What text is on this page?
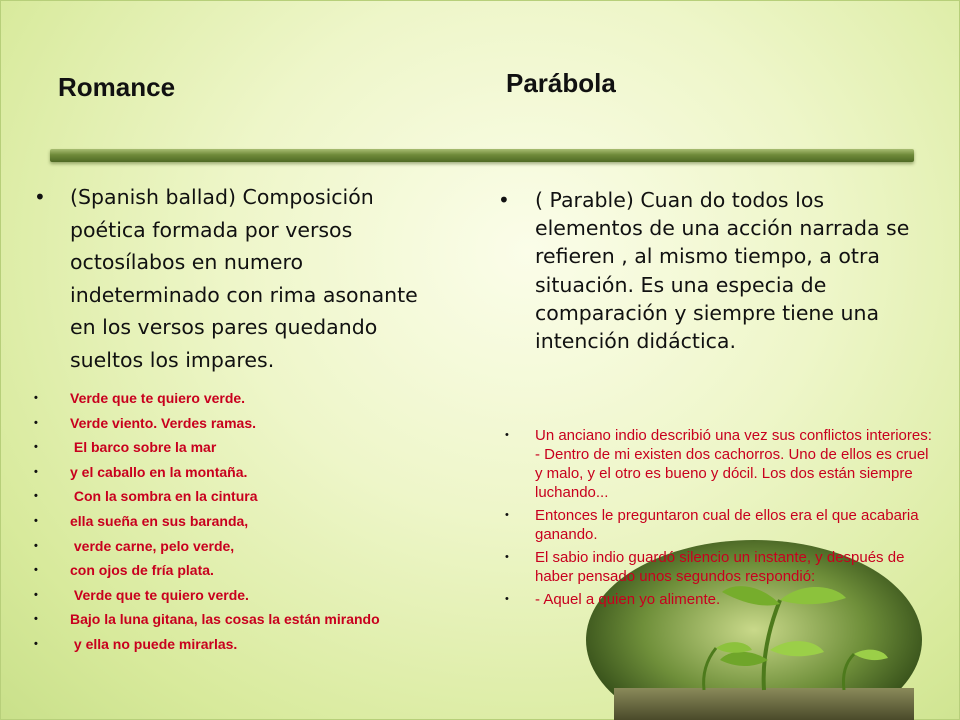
Romance	Parábola
• (Spanish ballad) Composición poética formada por versos octosílabos en numero indeterminado con rima asonante en los versos pares quedando sueltos los impares.
• Verde que te quiero verde.
• Verde viento. Verdes ramas.
• El barco sobre la mar
• y el caballo en la montaña.
• Con la sombra en la cintura
• ella sueña en sus baranda,
• verde carne, pelo verde,
• con ojos de fría plata.
• Verde que te quiero verde.
• Bajo la luna gitana, las cosas la están mirando
• y ella no puede mirarlas.
• ( Parable) Cuan do todos los elementos de una acción narrada se refieren , al mismo tiempo, a otra situación. Es una especia de comparación y siempre tiene una intención didáctica.
• Un anciano indio describió una vez sus conflictos interiores: - Dentro de mi existen dos cachorros. Uno de ellos es cruel y malo, y el otro es bueno y dócil. Los dos están siempre luchando...
• Entonces le preguntaron cual de ellos era el que acabaria ganando.
• El sabio indio guardó silencio un instante, y después de haber pensado unos segundos respondió:
• - Aquel a quien yo alimente.
